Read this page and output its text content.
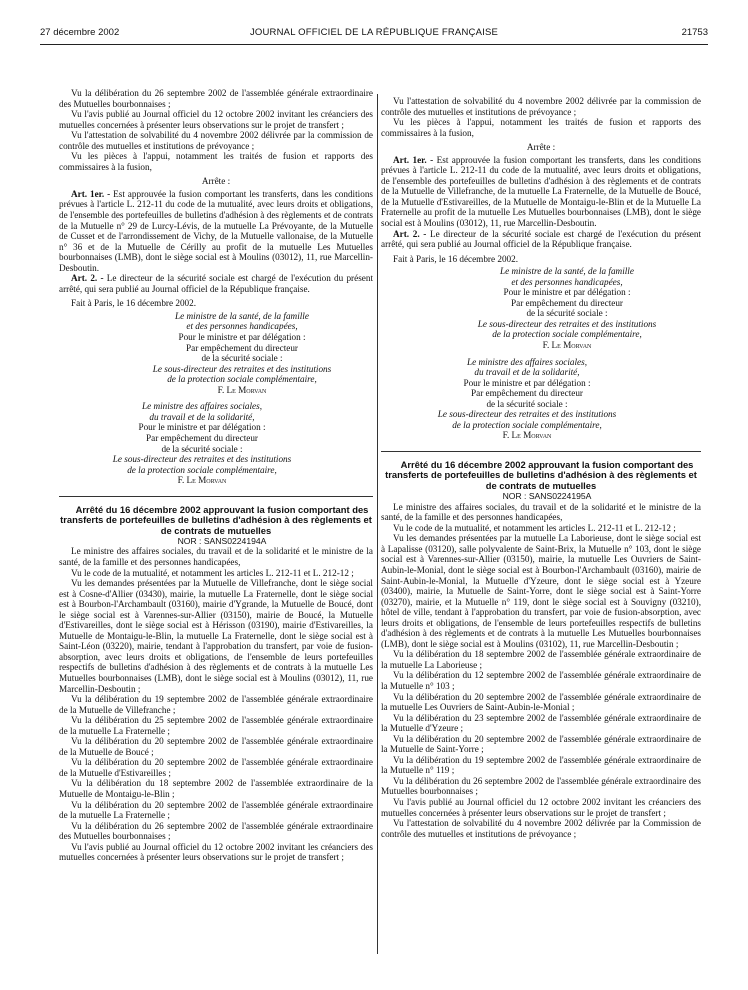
27 décembre 2002	JOURNAL OFFICIEL DE LA RÉPUBLIQUE FRANÇAISE	21753

Vu la délibération du 26 septembre 2002 de l'assemblée générale extraordinaire des Mutuelles bourbonnaises ;

Vu l'avis publié au Journal officiel du 12 octobre 2002 invitant les créanciers des mutuelles concernées à présenter leurs observations sur le projet de transfert ;

Vu l'attestation de solvabilité du 4 novembre 2002 délivrée par la commission de contrôle des mutuelles et institutions de prévoyance ;

Vu les pièces à l'appui, notamment les traités de fusion et rapports des commissaires à la fusion,

Arrête :

Art. 1er. - Est approuvée la fusion comportant les transferts, dans les conditions prévues à l'article L. 212-11 du code de la mutualité, avec leurs droits et obligations, de l'ensemble des portefeuilles de bulletins d'adhésion à des règlements et de contrats de la Mutuelle n° 29 de Lurcy-Lévis, de la mutuelle La Prévoyante, de la Mutuelle de Cusset et de l'arrondissement de Vichy, de la Mutuelle vallonaise, de la Mutuelle n° 36 et de la Mutuelle de Cérilly au profit de la mutuelle Les Mutuelles bourbonnaises (LMB), dont le siège social est à Moulins (03012), 11, rue Marcellin-Desboutin.

Art. 2. - Le directeur de la sécurité sociale est chargé de l'exécution du présent arrêté, qui sera publié au Journal officiel de la République française.

Fait à Paris, le 16 décembre 2002.

Le ministre de la santé, de la famille

et des personnes handicapées,

Pour le ministre et par délégation :

Par empêchement du directeur

de la sécurité sociale :

Le sous-directeur des retraites et des institutions

de la protection sociale complémentaire,

F. Le Morvan

Le ministre des affaires sociales,

du travail et de la solidarité,

Pour le ministre et par délégation :

Par empêchement du directeur

de la sécurité sociale :

Le sous-directeur des retraites et des institutions

de la protection sociale complémentaire,

F. Le Morvan

Arrêté du 16 décembre 2002 approuvant la fusion comportant des transferts de portefeuilles de bulletins d'adhésion à des règlements et de contrats de mutuelles

NOR : SANS0224194A

Le ministre des affaires sociales, du travail et de la solidarité et le ministre de la santé, de la famille et des personnes handicapées,

Vu le code de la mutualité, et notamment les articles L. 212-11 et L. 212-12 ;

Vu les demandes présentées par la Mutuelle de Villefranche, dont le siège social est à Cosne-d'Allier (03430), mairie, la mutuelle La Fraternelle, dont le siège social est à Bourbon-l'Archambault (03160), mairie d'Ygrande, la Mutuelle de Boucé, dont le siège social est à Varennes-sur-Allier (03150), mairie de Boucé, la Mutuelle d'Estivareilles, dont le siège social est à Hérisson (03190), mairie d'Estivareilles, la Mutuelle de Montaigu-le-Blin, la mutuelle La Fraternelle, dont le siège social est à Saint-Léon (03220), mairie, tendant à l'approbation du transfert, par voie de fusion-absorption, avec leurs droits et obligations, de l'ensemble de leurs portefeuilles respectifs de bulletins d'adhésion à des règlements et de contrats à la mutuelle Les Mutuelles bourbonnaises (LMB), dont le siège social est à Moulins (03012), 11, rue Marcellin-Desboutin ;

Vu la délibération du 19 septembre 2002 de l'assemblée générale extraordinaire de la Mutuelle de Villefranche ;

Vu la délibération du 25 septembre 2002 de l'assemblée générale extraordinaire de la mutuelle La Fraternelle ;

Vu la délibération du 20 septembre 2002 de l'assemblée générale extraordinaire de la Mutuelle de Boucé ;

Vu la délibération du 20 septembre 2002 de l'assemblée générale extraordinaire de la Mutuelle d'Estivareilles ;

Vu la délibération du 18 septembre 2002 de l'assemblée extraordinaire de la Mutuelle de Montaigu-le-Blin ;

Vu la délibération du 20 septembre 2002 de l'assemblée générale extraordinaire de la mutuelle La Fraternelle ;

Vu la délibération du 26 septembre 2002 de l'assemblée générale extraordinaire des Mutuelles bourbonnaises ;

Vu l'avis publié au Journal officiel du 12 octobre 2002 invitant les créanciers des mutuelles concernées à présenter leurs observations sur le projet de transfert ;

Vu l'attestation de solvabilité du 4 novembre 2002 délivrée par la commission de contrôle des mutuelles et institutions de prévoyance ;

Vu les pièces à l'appui, notamment les traités de fusion et rapports des commissaires à la fusion,

Arrête :

Art. 1er. - Est approuvée la fusion comportant les transferts, dans les conditions prévues à l'article L. 212-11 du code de la mutualité, avec leurs droits et obligations, de l'ensemble des portefeuilles de bulletins d'adhésion à des règlements et de contrats de la Mutuelle de Villefranche, de la mutuelle La Fraternelle, de la Mutuelle de Boucé, de la Mutuelle d'Estivareilles, de la Mutuelle de Montaigu-le-Blin et de la Mutuelle La Fraternelle au profit de la mutuelle Les Mutuelles bourbonnaises (LMB), dont le siège social est à Moulins (03012), 11, rue Marcellin-Desboutin.

Art. 2. - Le directeur de la sécurité sociale est chargé de l'exécution du présent arrêté, qui sera publié au Journal officiel de la République française.

Fait à Paris, le 16 décembre 2002.

Le ministre de la santé, de la famille

et des personnes handicapées,

Pour le ministre et par délégation :

Par empêchement du directeur

de la sécurité sociale :

Le sous-directeur des retraites et des institutions

de la protection sociale complémentaire,

F. Le Morvan

Le ministre des affaires sociales,

du travail et de la solidarité,

Pour le ministre et par délégation :

Par empêchement du directeur

de la sécurité sociale :

Le sous-directeur des retraites et des institutions

de la protection sociale complémentaire,

F. Le Morvan

Arrêté du 16 décembre 2002 approuvant la fusion comportant des transferts de portefeuilles de bulletins d'adhésion à des règlements et de contrats de mutuelles

NOR : SANS0224195A

Le ministre des affaires sociales, du travail et de la solidarité et le ministre de la santé, de la famille et des personnes handicapées,

Vu le code de la mutualité, et notamment les articles L. 212-11 et L. 212-12 ;

Vu les demandes présentées par la mutuelle La Laborieuse, dont le siège social est à Lapalisse (03120), salle polyvalente de Saint-Brix, la Mutuelle n° 103, dont le siège social est à Varennes-sur-Allier (03150), mairie, la mutuelle Les Ouvriers de Saint-Aubin-le-Monial, dont le siège social est à Bourbon-l'Archambault (03160), mairie de Saint-Aubin-le-Monial, la Mutuelle d'Yzeure, dont le siège social est à Yzeure (03400), mairie, la Mutuelle de Saint-Yorre, dont le siège social est à Saint-Yorre (03270), mairie, et la Mutuelle n° 119, dont le siège social est à Souvigny (03210), hôtel de ville, tendant à l'approbation du transfert, par voie de fusion-absorption, avec leurs droits et obligations, de l'ensemble de leurs portefeuilles respectifs de bulletins d'adhésion à des règlements et de contrats à la mutuelle Les Mutuelles bourbonnaises (LMB), dont le siège social est à Moulins (03102), 11, rue Marcellin-Desboutin ;

Vu la délibération du 18 septembre 2002 de l'assemblée générale extraordinaire de la mutuelle La Laborieuse ;

Vu la délibération du 12 septembre 2002 de l'assemblée générale extraordinaire de la Mutuelle n° 103 ;

Vu la délibération du 20 septembre 2002 de l'assemblée générale extraordinaire de la mutuelle Les Ouvriers de Saint-Aubin-le-Monial ;

Vu la délibération du 23 septembre 2002 de l'assemblée générale extraordinaire de la Mutuelle d'Yzeure ;

Vu la délibération du 20 septembre 2002 de l'assemblée générale extraordinaire de la Mutuelle de Saint-Yorre ;

Vu la délibération du 19 septembre 2002 de l'assemblée générale extraordinaire de la Mutuelle n° 119 ;

Vu la délibération du 26 septembre 2002 de l'assemblée générale extraordinaire des Mutuelles bourbonnaises ;

Vu l'avis publié au Journal officiel du 12 octobre 2002 invitant les créanciers des mutuelles concernées à présenter leurs observations sur le projet de transfert ;

Vu l'attestation de solvabilité du 4 novembre 2002 délivrée par la Commission de contrôle des mutuelles et institutions de prévoyance ;
